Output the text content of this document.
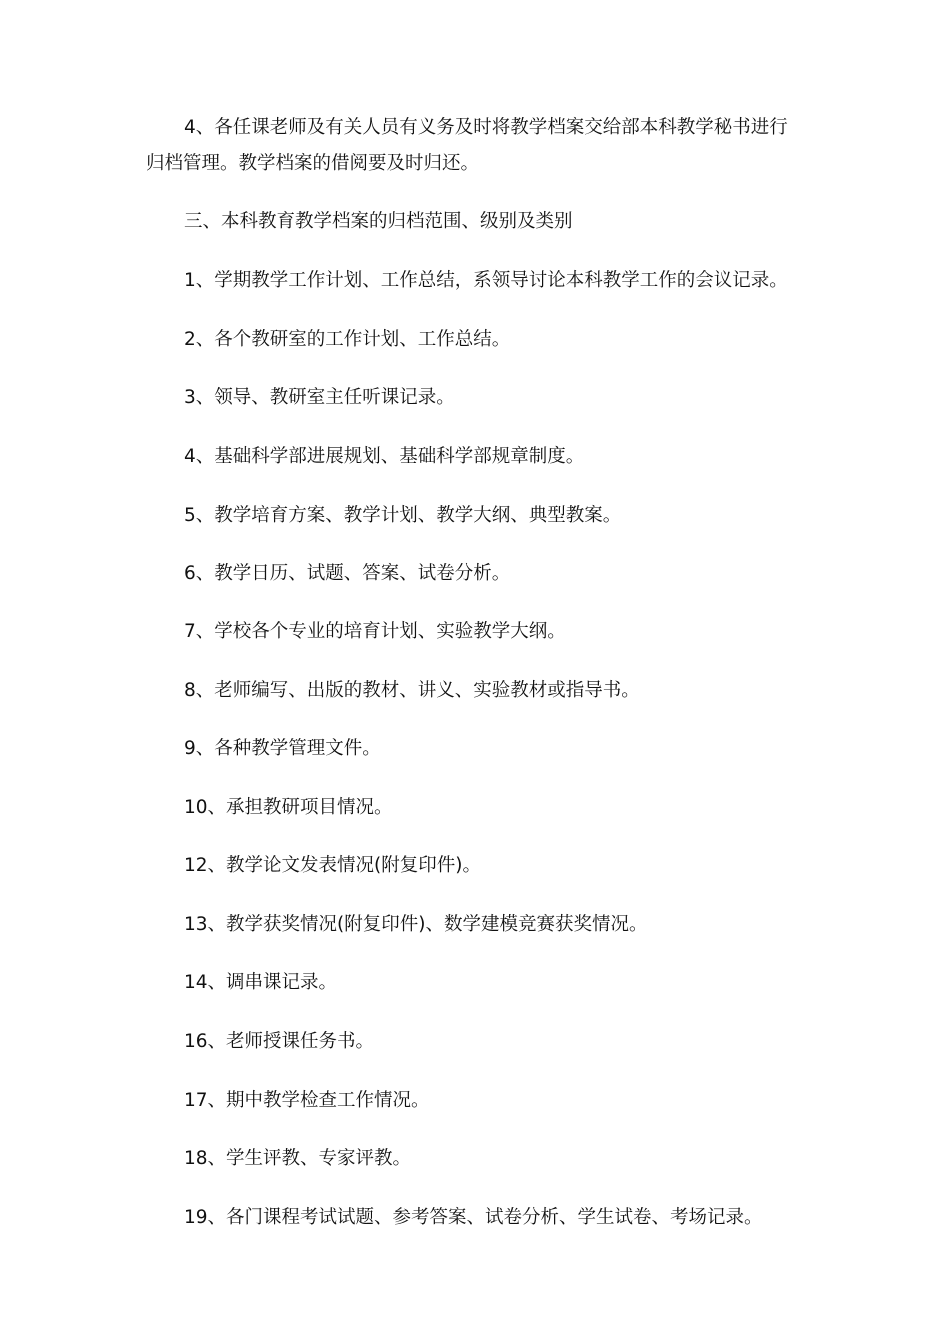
4、各任课老师及有关人员有义务及时将教学档案交给部本科教学秘书进行
归档管理。教学档案的借阅要及时归还。
三、本科教育教学档案的归档范围、级别及类别
1、学期教学工作计划、工作总结，系领导讨论本科教学工作的会议记录。
2、各个教研室的工作计划、工作总结。
3、领导、教研室主任听课记录。
4、基础科学部进展规划、基础科学部规章制度。
5、教学培育方案、教学计划、教学大纲、典型教案。
6、教学日历、试题、答案、试卷分析。
7、学校各个专业的培育计划、实验教学大纲。
8、老师编写、出版的教材、讲义、实验教材或指导书。
9、各种教学管理文件。
10、承担教研项目情况。
12、教学论文发表情况(附复印件)。
13、教学获奖情况(附复印件)、数学建模竞赛获奖情况。
14、调串课记录。
16、老师授课任务书。
17、期中教学检查工作情况。
18、学生评教、专家评教。
19、各门课程考试试题、参考答案、试卷分析、学生试卷、考场记录。
